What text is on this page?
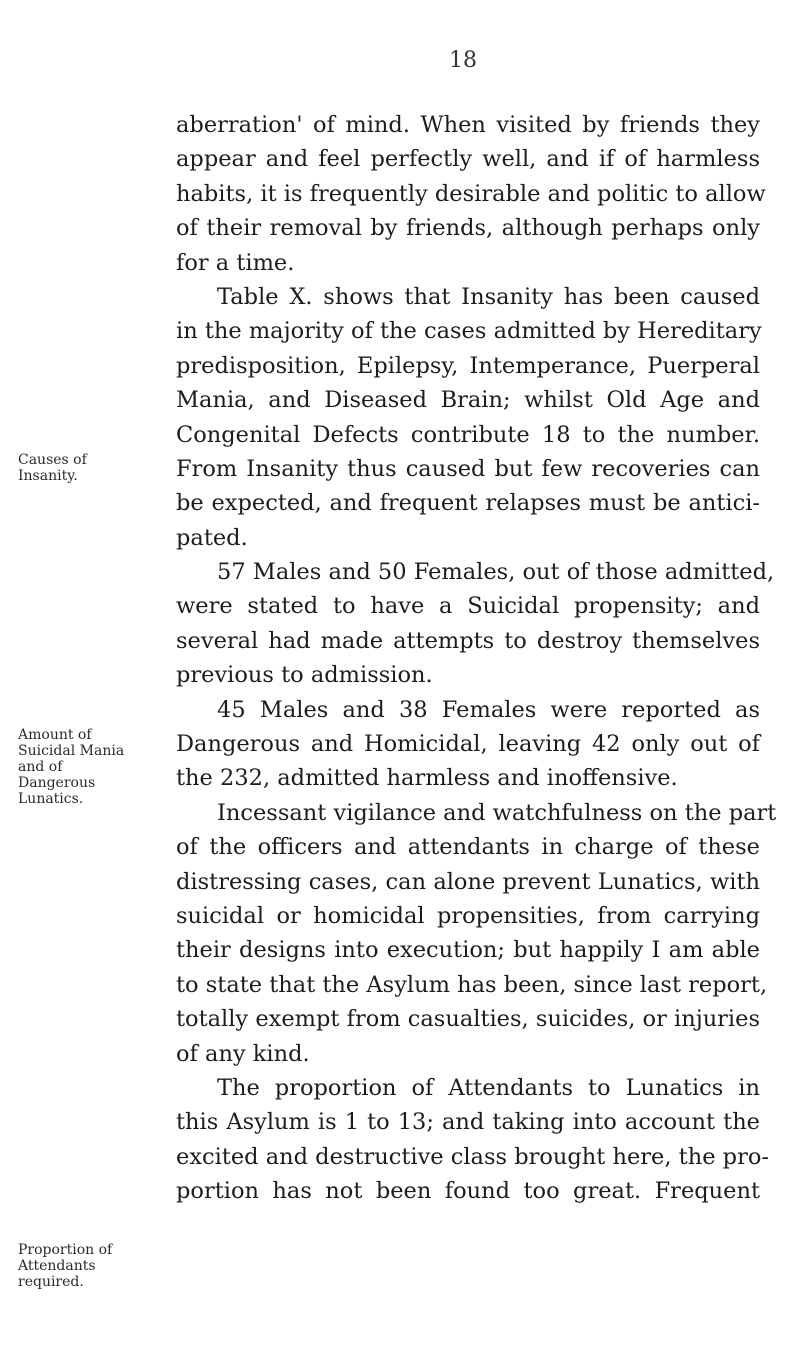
18
Causes of
Insanity.
Amount of
Suicidal Mania
and of
Dangerous
Lunatics.
Proportion of
Attendants
required.
aberration' of mind. When visited by friends they
appear and feel perfectly well, and if of harmless
habits, it is frequently desirable and politic to allow
of their removal by friends, although perhaps only
for a time.
Table X. shows that Insanity has been caused
in the majority of the cases admitted by Hereditary
predisposition, Epilepsy, Intemperance, Puerperal
Mania, and Diseased Brain; whilst Old Age and
Congenital Defects contribute 18 to the number.
From Insanity thus caused but few recoveries can
be expected, and frequent relapses must be antici-
pated.
57 Males and 50 Females, out of those admitted,
were stated to have a Suicidal propensity; and
several had made attempts to destroy themselves
previous to admission.
45 Males and 38 Females were reported as
Dangerous and Homicidal, leaving 42 only out of
the 232, admitted harmless and inoffensive.
Incessant vigilance and watchfulness on the part
of the officers and attendants in charge of these
distressing cases, can alone prevent Lunatics, with
suicidal or homicidal propensities, from carrying
their designs into execution; but happily I am able
to state that the Asylum has been, since last report,
totally exempt from casualties, suicides, or injuries
of any kind.
The proportion of Attendants to Lunatics in
this Asylum is 1 to 13; and taking into account the
excited and destructive class brought here, the pro-
portion has not been found too great. Frequent
